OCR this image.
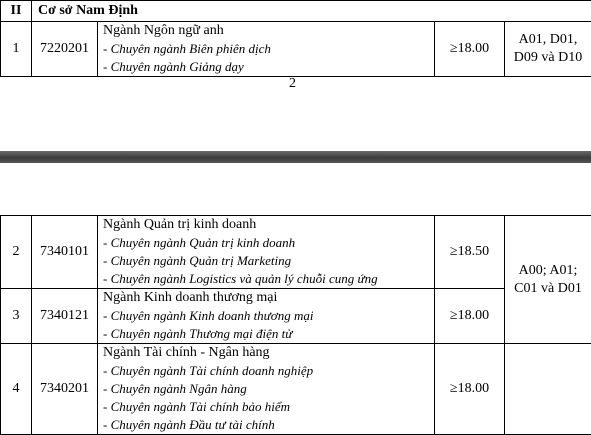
II	Cơ sở Nam Định			
1	7220201	Ngành Ngôn ngữ anh
- Chuyên ngành Biên phiên dịch
- Chuyên ngành Giảng dạy	≥18.00	A01, D01,
D09 và D10
2
2	7340101	Ngành Quản trị kinh doanh
- Chuyên ngành Quản trị kinh doanh
- Chuyên ngành Quản trị Marketing
- Chuyên ngành Logistics và quản lý chuỗi cung ứng	≥18.50	A00; A01;
C01 và D01

3	7340121	Ngành Kinh doanh thương mại
- Chuyên ngành Kinh doanh thương mại
- Chuyên ngành Thương mại điện tử	≥18.00	
4	7340201	Ngành Tài chính - Ngân hàng
- Chuyên ngành Tài chính doanh nghiệp
- Chuyên ngành Ngân hàng
- Chuyên ngành Tài chính bảo hiểm
- Chuyên ngành Đầu tư tài chính	≥18.00	
